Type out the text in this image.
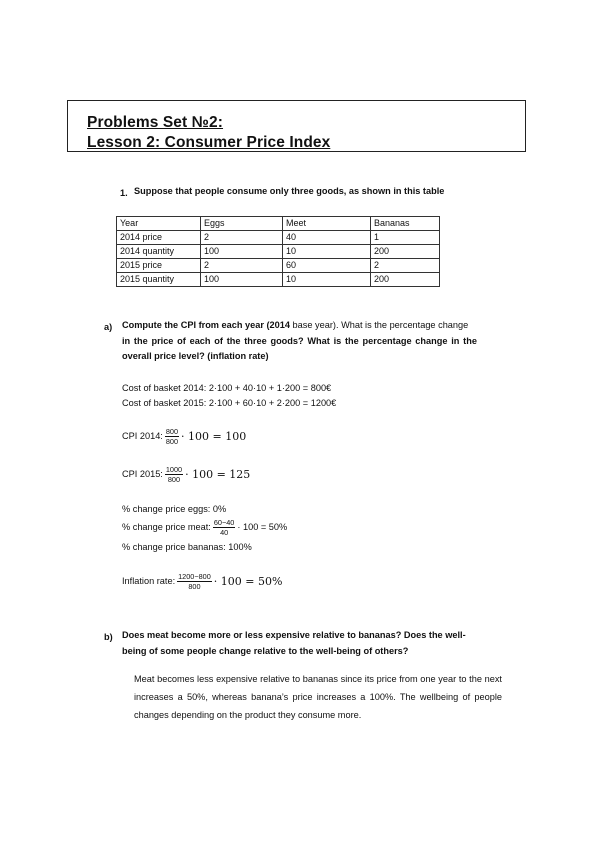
Problems Set №2:
Lesson 2: Consumer Price Index
1. Suppose that people consume only three goods, as shown in this table
Year	Eggs	Meet	Bananas
2014 price	2	40	1
2014 quantity	100	10	200
2015 price	2	60	2
2015 quantity	100	10	200
a) Compute the CPI from each year (2014 base year). What is the percentage change
in the price of each of the three goods? What is the percentage change in the
overall price level? (inflation rate)
Cost of basket 2014: 2·100 + 40·10 + 1·200 = 800€
Cost of basket 2015: 2·100 + 60·10 + 2·200 = 1200€
CPI 2014: $\frac{800}{800} \cdot 100 = 100$
CPI 2015: $\frac{1000}{800} \cdot 100 = 125$
% change price eggs: 0%
% change price meat: $\frac{60-40}{40} \cdot 100 = 50\%$
% change price bananas: 100%
Inflation rate: $\frac{1200-800}{800} \cdot 100 = 50\%$
b) Does meat become more or less expensive relative to bananas? Does the well-
being of some people change relative to the well-being of others?
Meat becomes less expensive relative to bananas since its price from one year to the next increases a 50%, whereas banana’s price increases a 100%. The wellbeing of people changes depending on the product they consume more.
